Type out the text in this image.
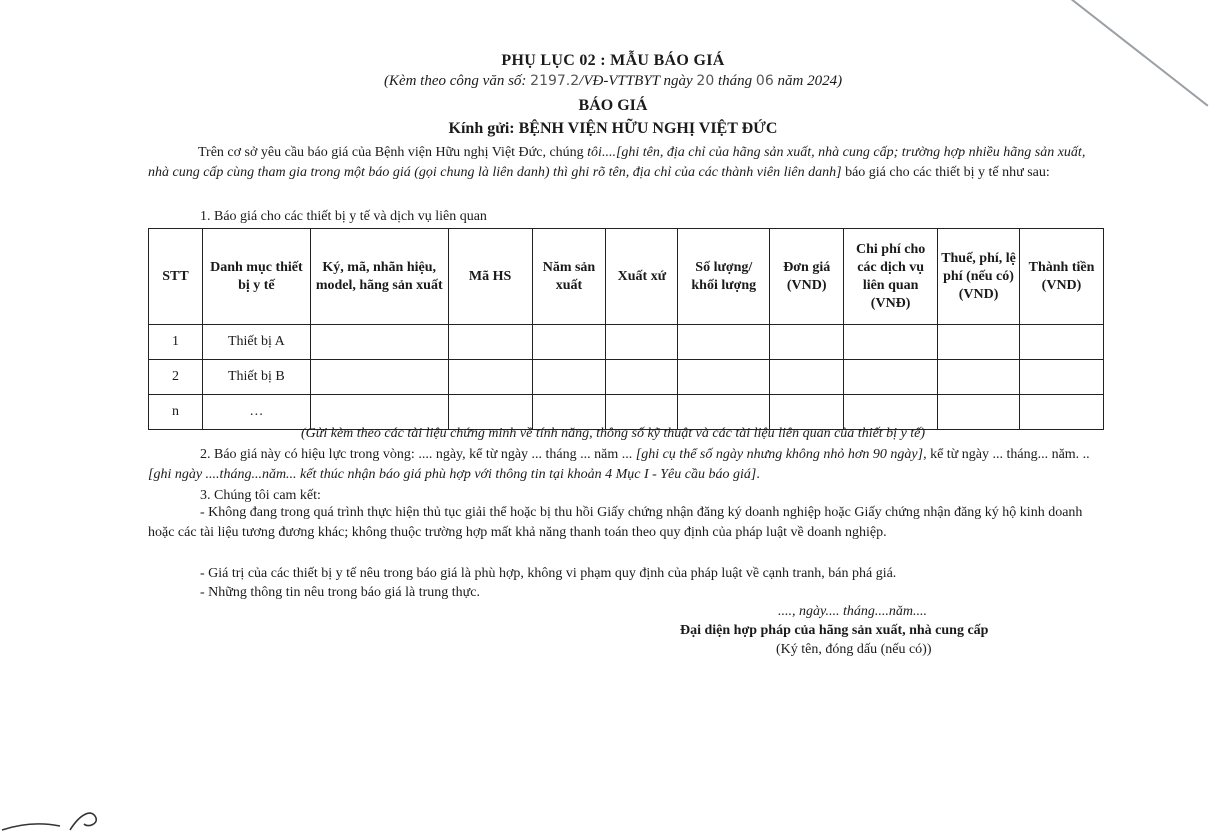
PHỤ LỤC 02 : MẪU BÁO GIÁ
(Kèm theo công văn số: 2197.2/VĐ-VTTBYT ngày 20 tháng 06 năm 2024)
BÁO GIÁ
Kính gửi: BỆNH VIỆN HỮU NGHỊ VIỆT ĐỨC
Trên cơ sở yêu cầu báo giá của Bệnh viện Hữu nghị Việt Đức, chúng tôi....[ghi tên, địa chỉ của hãng sản xuất, nhà cung cấp; trường hợp nhiều hãng sản xuất, nhà cung cấp cùng tham gia trong một báo giá (gọi chung là liên danh) thì ghi rõ tên, địa chỉ của các thành viên liên danh] báo giá cho các thiết bị y tế như sau:
1. Báo giá cho các thiết bị y tế và dịch vụ liên quan
STT	Danh mục thiết bị y tế	Ký, mã, nhãn hiệu, model, hãng sản xuất	Mã HS	Năm sản xuất	Xuất xứ	Số lượng/ khối lượng	Đơn giá (VND)	Chi phí cho các dịch vụ liên quan (VNĐ)	Thuế, phí, lệ phí (nếu có) (VND)	Thành tiền (VND)
1	Thiết bị A									
2	Thiết bị B									
n	…									
(Gửi kèm theo các tài liệu chứng minh về tính năng, thông số kỹ thuật và các tài liệu liên quan của thiết bị y tế)
2. Báo giá này có hiệu lực trong vòng: .... ngày, kể từ ngày ... tháng ... năm ... [ghi cụ thể số ngày nhưng không nhỏ hơn 90 ngày], kể từ ngày ... tháng... năm. ..[ghi ngày ....tháng...năm... kết thúc nhận báo giá phù hợp với thông tin tại khoản 4 Mục I - Yêu cầu báo giá].
3. Chúng tôi cam kết:
- Không đang trong quá trình thực hiện thủ tục giải thể hoặc bị thu hồi Giấy chứng nhận đăng ký doanh nghiệp hoặc Giấy chứng nhận đăng ký hộ kinh doanh hoặc các tài liệu tương đương khác; không thuộc trường hợp mất khả năng thanh toán theo quy định của pháp luật về doanh nghiệp.
- Giá trị của các thiết bị y tế nêu trong báo giá là phù hợp, không vi phạm quy định của pháp luật về cạnh tranh, bán phá giá.
- Những thông tin nêu trong báo giá là trung thực.
...., ngày.... tháng....năm....
Đại diện hợp pháp của hãng sản xuất, nhà cung cấp
(Ký tên, đóng dấu (nếu có))
